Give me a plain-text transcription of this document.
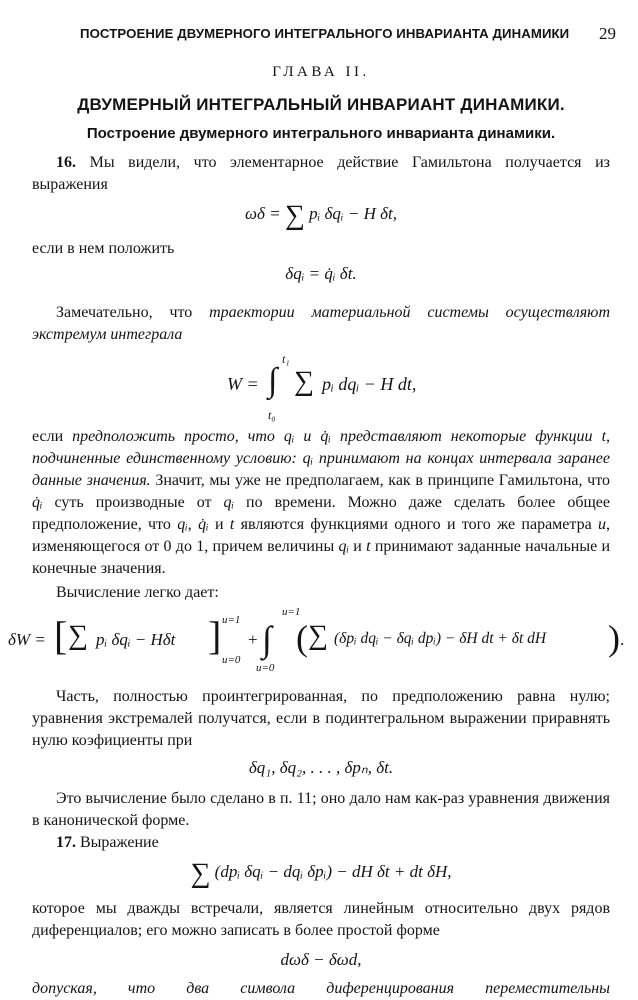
ПОСТРОЕНИЕ ДВУМЕРНОГО ИНТЕГРАЛЬНОГО ИНВАРИАНТА ДИНАМИКИ 29
ГЛАВА II.
ДВУМЕРНЫЙ ИНТЕГРАЛЬНЫЙ ИНВАРИАНТ ДИНАМИКИ.
Построение двумерного интегрального инварианта динамики.

16. Мы видели, что элементарное действие Гамильтона получается из выражения

ωδ = ∑ pᵢ δqᵢ − H δt,

если в нем положить

δqᵢ = q̇ᵢ δt.

Замечательно, что траектории материальной системы осуществляют экстремум интеграла

W = ∫
t₁
t₀
∑ pᵢ dqᵢ − H dt,

если предположить просто, что qᵢ и q̇ᵢ представляют некоторые функции t, подчиненные единственному условию: qᵢ принимают на концах интервала заранее данные значения. Значит, мы уже не предполагаем, как в принципе Гамильтона, что q̇ᵢ суть производные от qᵢ по времени. Можно даже сделать более общее предположение, что qᵢ, q̇ᵢ и t являются функциями одного и того же параметра u, изменяющегося от 0 до 1, причем величины qᵢ и t принимают заданные начальные и конечные значения.

Вычисление легко дает:

δW = [ ∑ pᵢ δqᵢ − Hδt ] u=1
u=0
+ ∫
u=1
u=0
( ∑ (δpᵢ dqᵢ − δqᵢ dpᵢ) − δH dt + δt dH ) .

Часть, полностью проинтегрированная, по предположению равна нулю; уравнения экстремалей получатся, если в подинтегральном выражении приравнять нулю коэфициенты при

δq₁, δq₂, . . . , δpₙ, δt.

Это вычисление было сделано в п. 11; оно дало нам как-раз уравнения движения в канонической форме.

17. Выражение

∑ (dpᵢ δqᵢ − dqᵢ δpᵢ) − dH δt + dt δH,

которое мы дважды встречали, является линейным относительно двух рядов диференциалов; его можно записать в более простой форме

dωδ − δωd,

допуская, что два символа диференцирования переместительны
